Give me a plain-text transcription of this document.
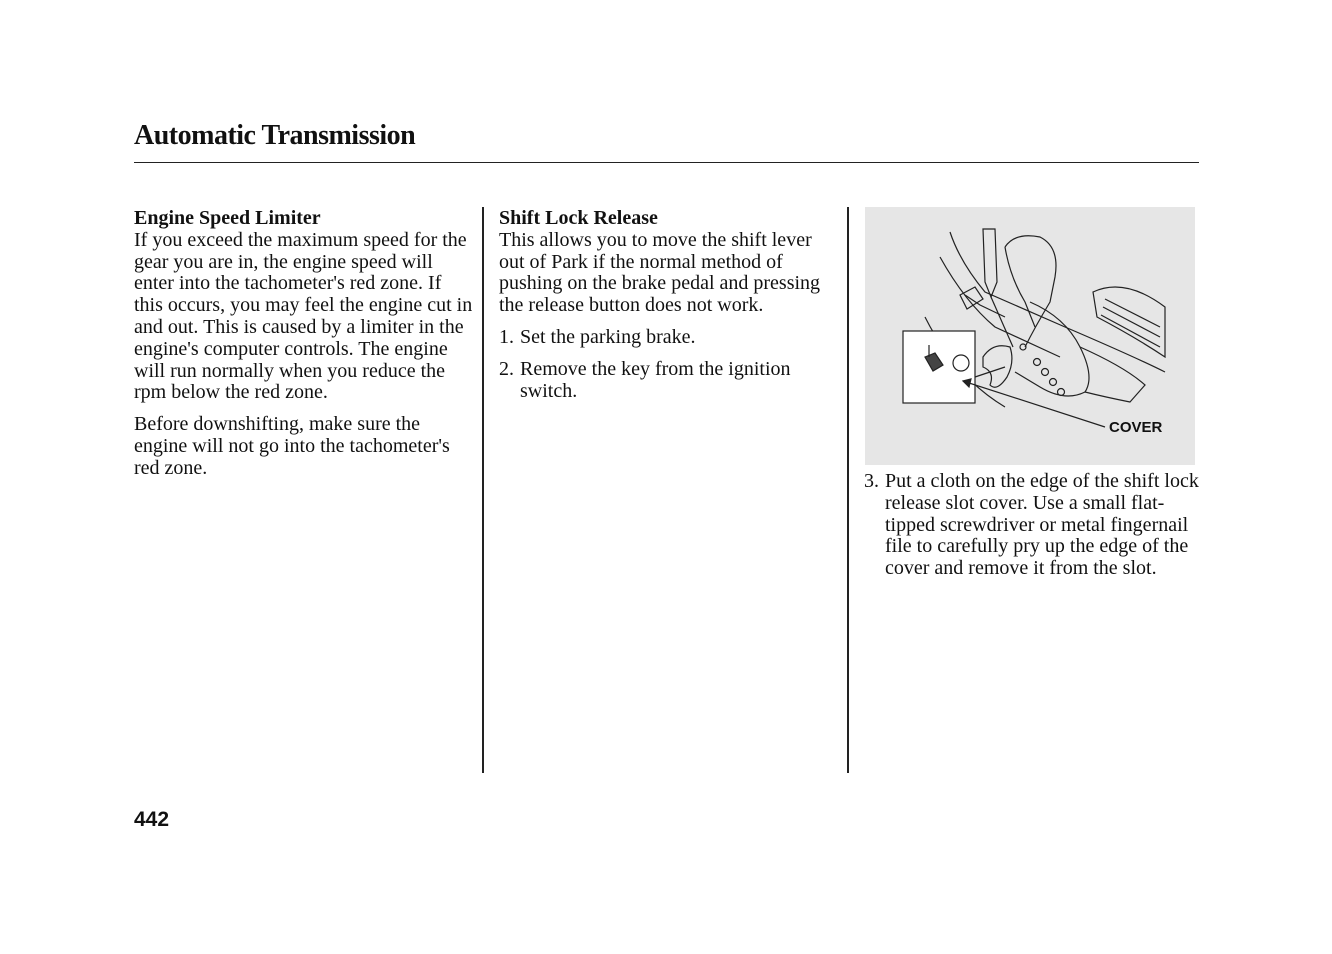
Automatic Transmission
Engine Speed Limiter

If you exceed the maximum speed for the gear you are in, the engine speed will enter into the tachometer's red zone. If this occurs, you may feel the engine cut in and out. This is caused by a limiter in the engine's computer controls. The engine will run normally when you reduce the rpm below the red zone.

Before downshifting, make sure the engine will not go into the tachometer's red zone.

Shift Lock Release

This allows you to move the shift lever out of Park if the normal method of pushing on the brake pedal and pressing the release button does not work.

1. Set the parking brake.
2. Remove the key from the ignition switch.
COVER
3. Put a cloth on the edge of the shift lock release slot cover. Use a small flat-tipped screwdriver or metal fingernail file to carefully pry up the edge of the cover and remove it from the slot.
442
